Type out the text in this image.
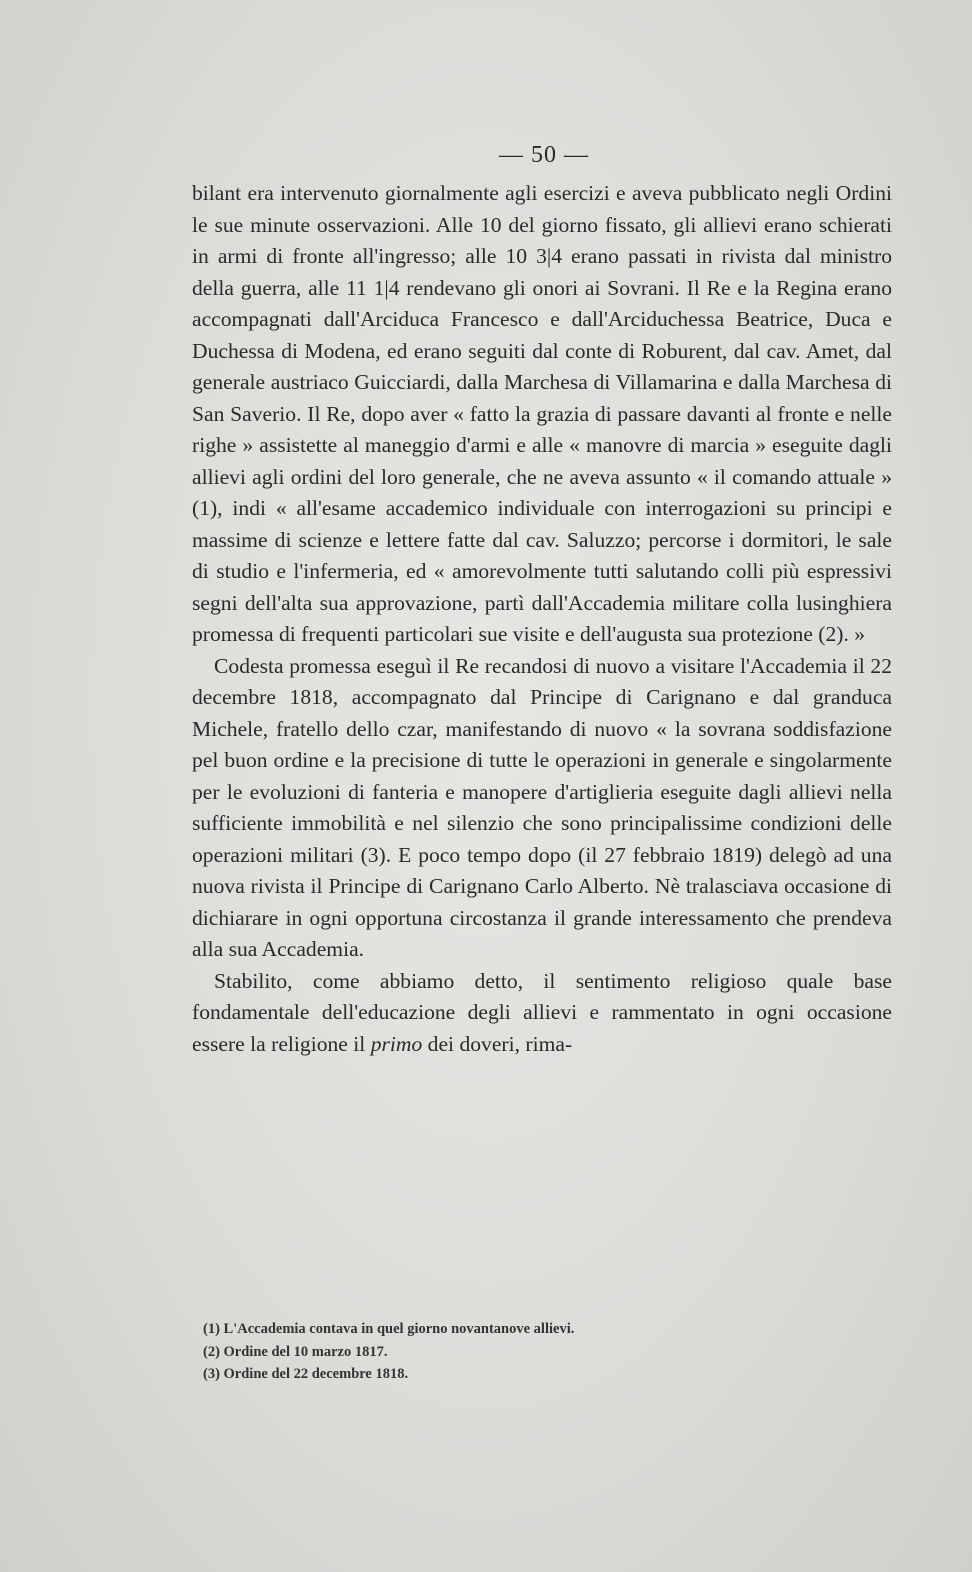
— 50 —

bilant era intervenuto giornalmente agli esercizi e aveva pubblicato negli Ordini le sue minute osservazioni. Alle 10 del giorno fissato, gli allievi erano schierati in armi di fronte all'ingresso; alle 10 3|4 erano passati in rivista dal ministro della guerra, alle 11 1|4 rendevano gli onori ai Sovrani. Il Re e la Regina erano accompagnati dall'Arciduca Francesco e dall'Arciduchessa Beatrice, Duca e Duchessa di Modena, ed erano seguiti dal conte di Roburent, dal cav. Amet, dal generale austriaco Guicciardi, dalla Marchesa di Villamarina e dalla Marchesa di San Saverio. Il Re, dopo aver « fatto la grazia di passare davanti al fronte e nelle righe » assistette al maneggio d'armi e alle « manovre di marcia » eseguite dagli allievi agli ordini del loro generale, che ne aveva assunto « il comando attuale » (1), indi « all'esame accademico individuale con interrogazioni su principi e massime di scienze e lettere fatte dal cav. Saluzzo; percorse i dormitori, le sale di studio e l'infermeria, ed « amorevolmente tutti salutando colli più espressivi segni dell'alta sua approvazione, partì dall'Accademia militare colla lusinghiera promessa di frequenti particolari sue visite e dell'augusta sua protezione (2). »

Codesta promessa eseguì il Re recandosi di nuovo a visitare l'Accademia il 22 decembre 1818, accompagnato dal Principe di Carignano e dal granduca Michele, fratello dello czar, manifestando di nuovo « la sovrana soddisfazione pel buon ordine e la precisione di tutte le operazioni in generale e singolarmente per le evoluzioni di fanteria e manopere d'artiglieria eseguite dagli allievi nella sufficiente immobilità e nel silenzio che sono principalissime condizioni delle operazioni militari (3). E poco tempo dopo (il 27 febbraio 1819) delegò ad una nuova rivista il Principe di Carignano Carlo Alberto. Nè tralasciava occasione di dichiarare in ogni opportuna circostanza il grande interessamento che prendeva alla sua Accademia.

Stabilito, come abbiamo detto, il sentimento religioso quale base fondamentale dell'educazione degli allievi e rammentato in ogni occasione essere la religione il primo dei doveri, rima-

(1) L'Accademia contava in quel giorno novantanove allievi.
(2) Ordine del 10 marzo 1817.
(3) Ordine del 22 decembre 1818.
